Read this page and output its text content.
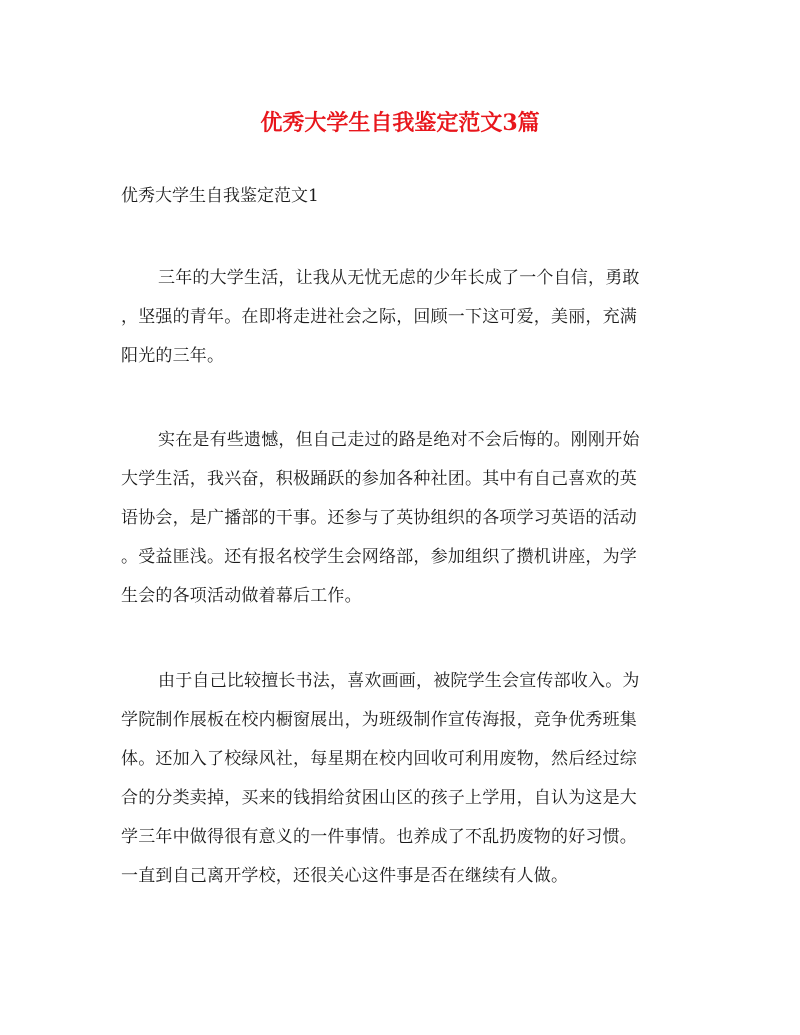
优秀大学生自我鉴定范文3篇

优秀大学生自我鉴定范文1

三年的大学生活，让我从无忧无虑的少年长成了一个自信，勇敢

，坚强的青年。在即将走进社会之际，回顾一下这可爱，美丽，充满

阳光的三年。

实在是有些遗憾，但自己走过的路是绝对不会后悔的。刚刚开始

大学生活，我兴奋，积极踊跃的参加各种社团。其中有自己喜欢的英

语协会，是广播部的干事。还参与了英协组织的各项学习英语的活动

。受益匪浅。还有报名校学生会网络部，参加组织了攒机讲座，为学

生会的各项活动做着幕后工作。

由于自己比较擅长书法，喜欢画画，被院学生会宣传部收入。为

学院制作展板在校内橱窗展出，为班级制作宣传海报，竞争优秀班集

体。还加入了校绿风社，每星期在校内回收可利用废物，然后经过综

合的分类卖掉，买来的钱捐给贫困山区的孩子上学用，自认为这是大

学三年中做得很有意义的一件事情。也养成了不乱扔废物的好习惯。

一直到自己离开学校，还很关心这件事是否在继续有人做。
